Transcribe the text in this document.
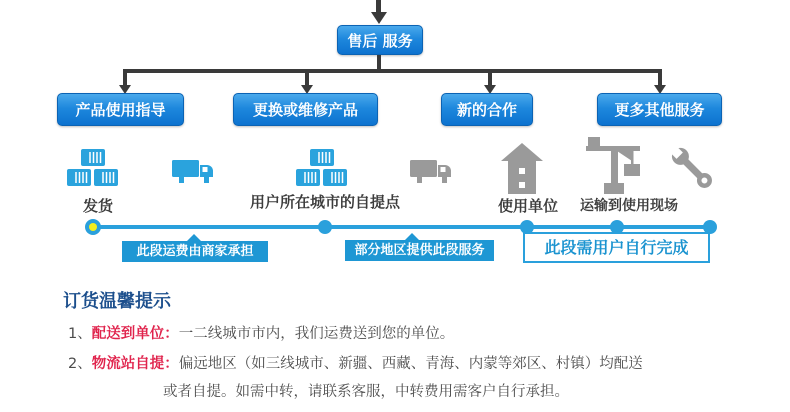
售后 服务
产品使用指导	更换或维修产品	新的合作	更多其他服务
发货	用户所在城市的自提点	使用单位	运输到使用现场
此段运费由商家承担	部分地区提供此段服务	此段需用户自行完成
订货温馨提示
1、配送到单位：一二线城市市内，我们运费送到您的单位。
2、物流站自提：偏远地区（如三线城市、新疆、西藏、青海、内蒙等郊区、村镇）均配送
或者自提。如需中转，请联系客服，中转费用需客户自行承担。
